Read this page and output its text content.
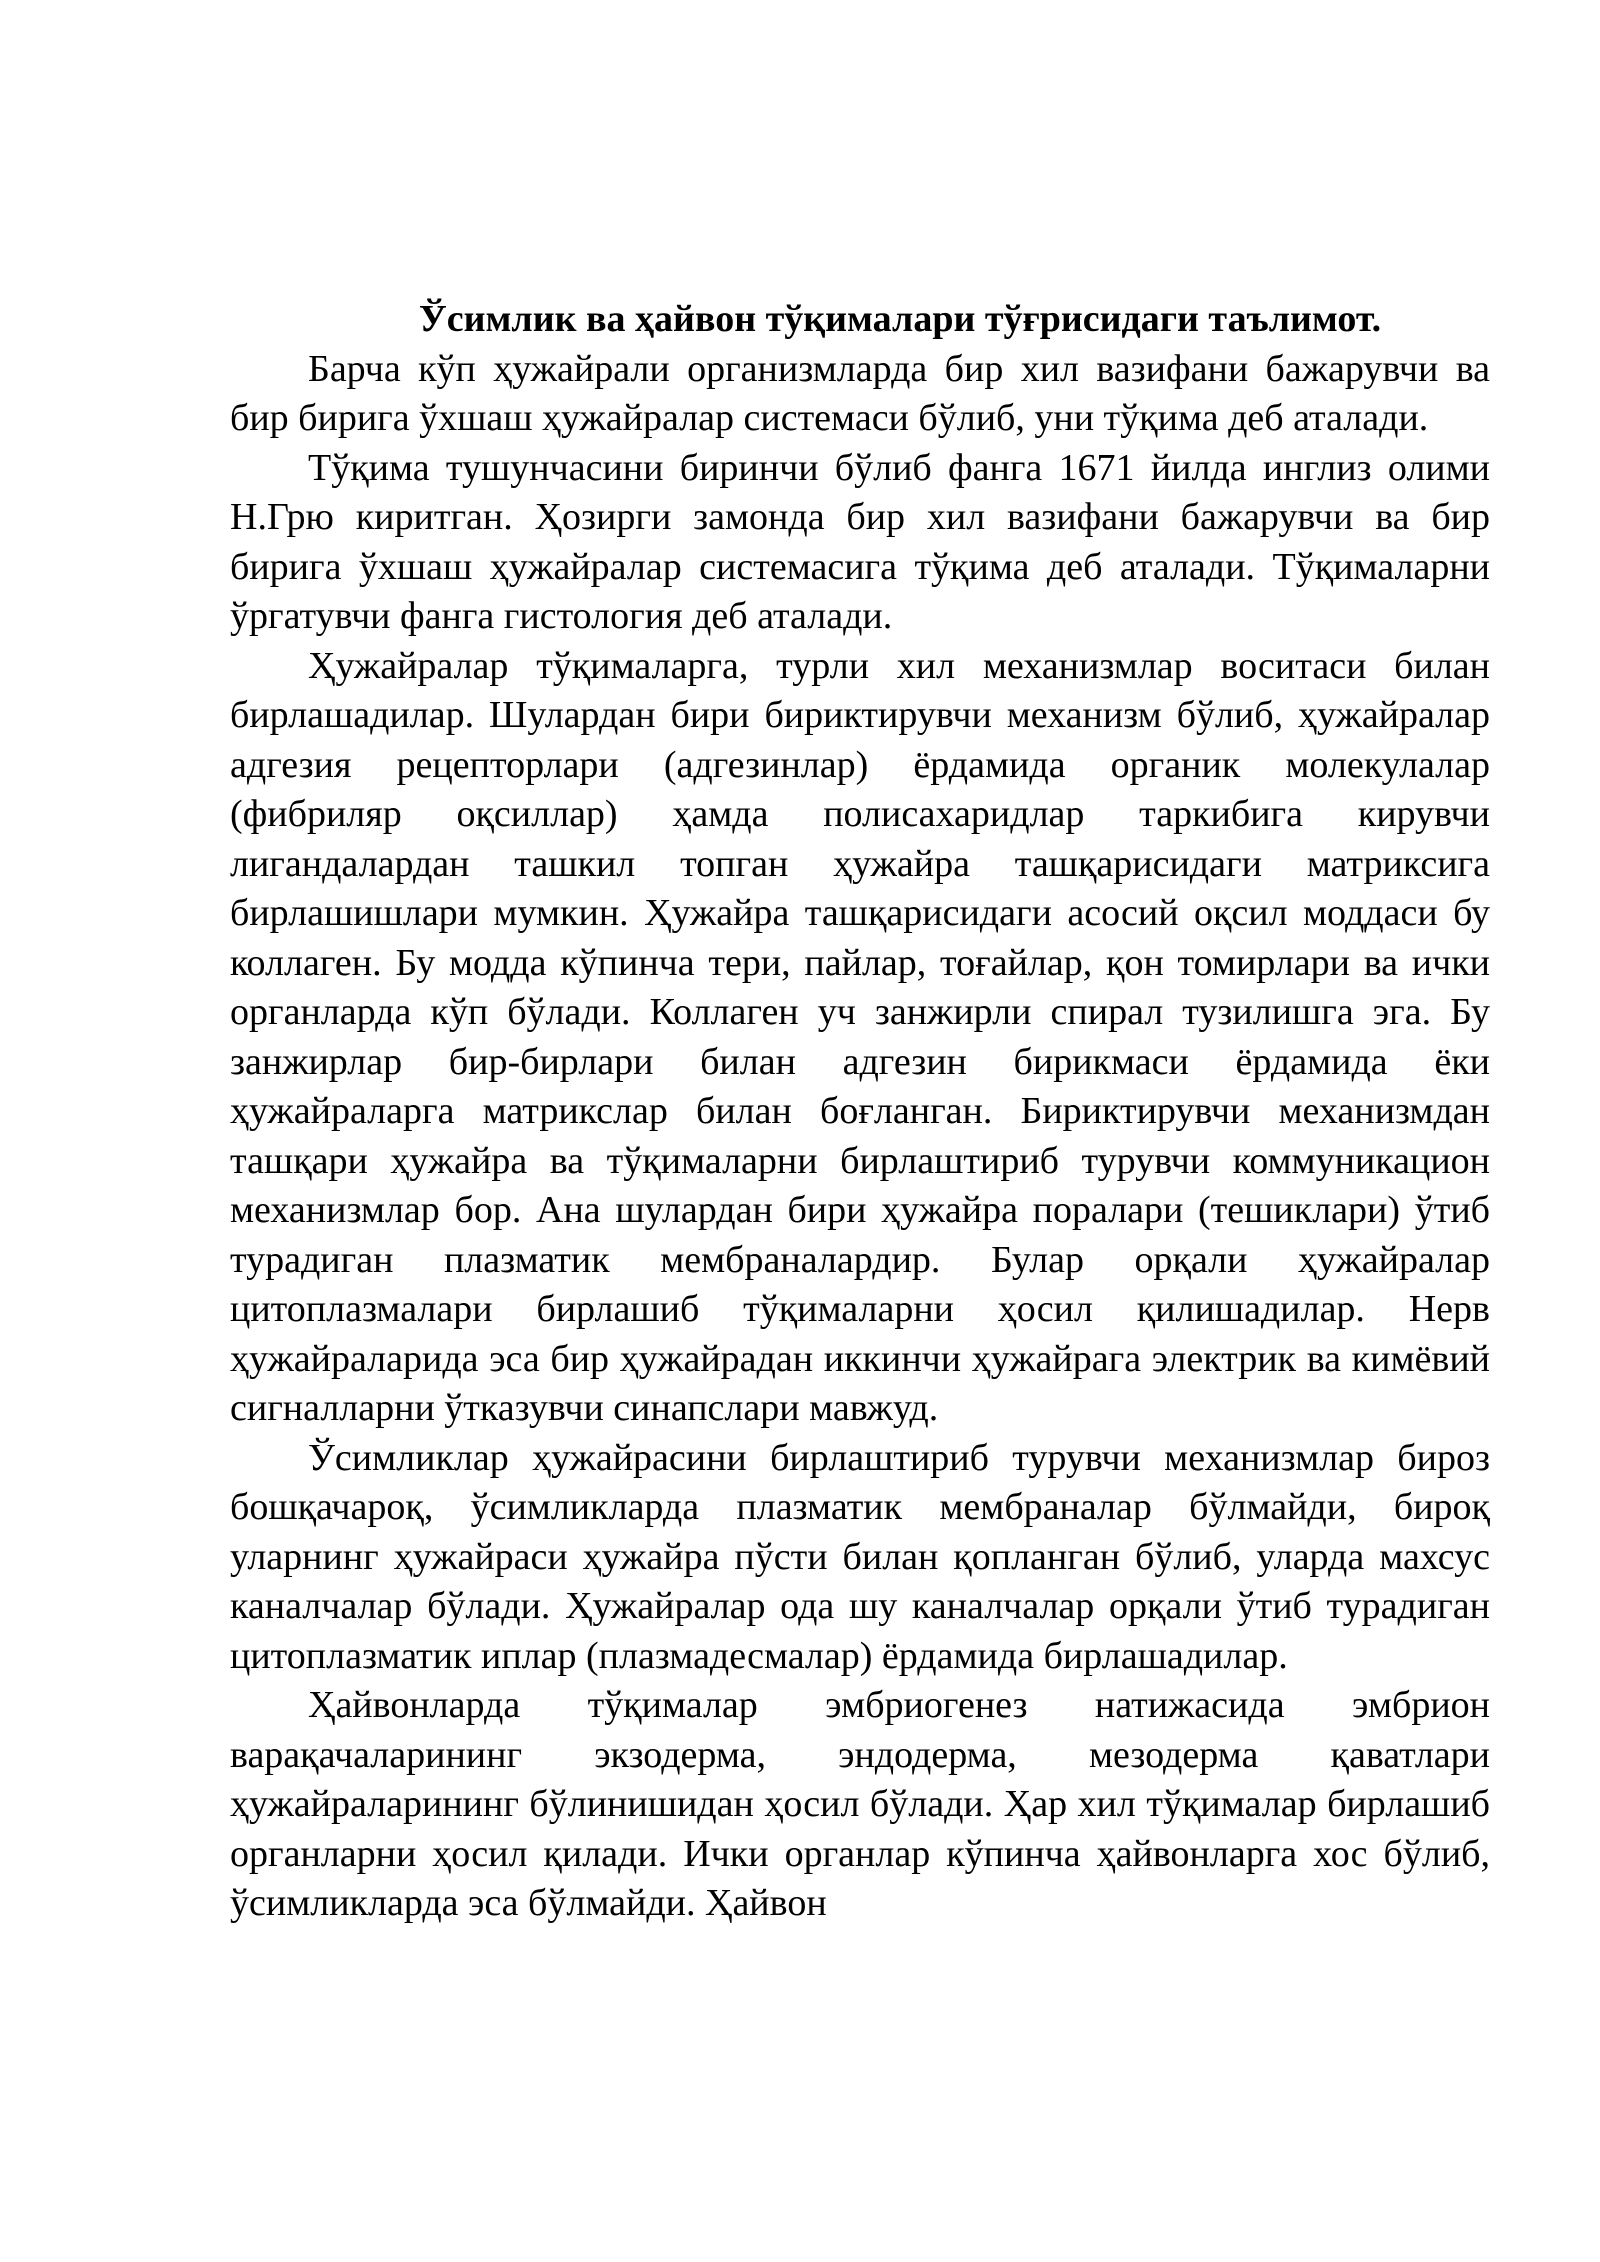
Ўсимлик ва ҳайвон тўқималари тўғрисидаги таълимот.

Барча кўп ҳужайрали организмларда бир хил вазифани бажарувчи ва бир бирига ўхшаш ҳужайралар системаси бўлиб, уни тўқима деб аталади.

Тўқима тушунчасини биринчи бўлиб фанга 1671 йилда инглиз олими Н.Грю киритган. Ҳозирги замонда бир хил вазифани бажарувчи ва бир бирига ўхшаш ҳужайралар системасига тўқима деб аталади. Тўқималарни ўргатувчи фанга гистология деб аталади.

Ҳужайралар тўқималарга, турли хил механизмлар воситаси билан бирлашадилар. Шулардан бири бириктирувчи механизм бўлиб, ҳужайралар адгезия рецепторлари (адгезинлар) ёрдамида органик молекулалар (фибриляр оқсиллар) ҳамда полисахаридлар таркибига кирувчи лигандалардан ташкил топган ҳужайра ташқарисидаги матриксига бирлашишлари мумкин. Ҳужайра ташқарисидаги асосий оқсил моддаси бу коллаген. Бу модда кўпинча тери, пайлар, тоғайлар, қон томирлари ва ички органларда кўп бўлади. Коллаген уч занжирли спирал тузилишга эга. Бу занжирлар бир-бирлари билан адгезин бирикмаси ёрдамида ёки ҳужайраларга матрикслар билан боғланган. Бириктирувчи механизмдан ташқари ҳужайра ва тўқималарни бирлаштириб турувчи коммуникацион механизмлар бор. Ана шулардан бири ҳужайра поралари (тешиклари) ўтиб турадиган плазматик мембраналардир. Булар орқали ҳужайралар цитоплазмалари бирлашиб тўқималарни ҳосил қилишадилар. Нерв ҳужайраларида эса бир ҳужайрадан иккинчи ҳужайрага электрик ва кимёвий сигналларни ўтказувчи синапслари мавжуд.

Ўсимликлар ҳужайрасини бирлаштириб турувчи механизмлар бироз бошқачароқ, ўсимликларда плазматик мембраналар бўлмайди, бироқ уларнинг ҳужайраси ҳужайра пўсти билан қопланган бўлиб, уларда махсус каналчалар бўлади. Ҳужайралар ода шу каналчалар орқали ўтиб турадиган цитоплазматик иплар (плазмадесмалар) ёрдамида бирлашадилар.

Ҳайвонларда тўқималар эмбриогенез натижасида эмбрион варақачаларининг экзодерма, эндодерма, мезодерма қаватлари ҳужайраларининг бўлинишидан ҳосил бўлади. Ҳар хил тўқималар бирлашиб органларни ҳосил қилади. Ички органлар кўпинча ҳайвонларга хос бўлиб, ўсимликларда эса бўлмайди. Ҳайвон
